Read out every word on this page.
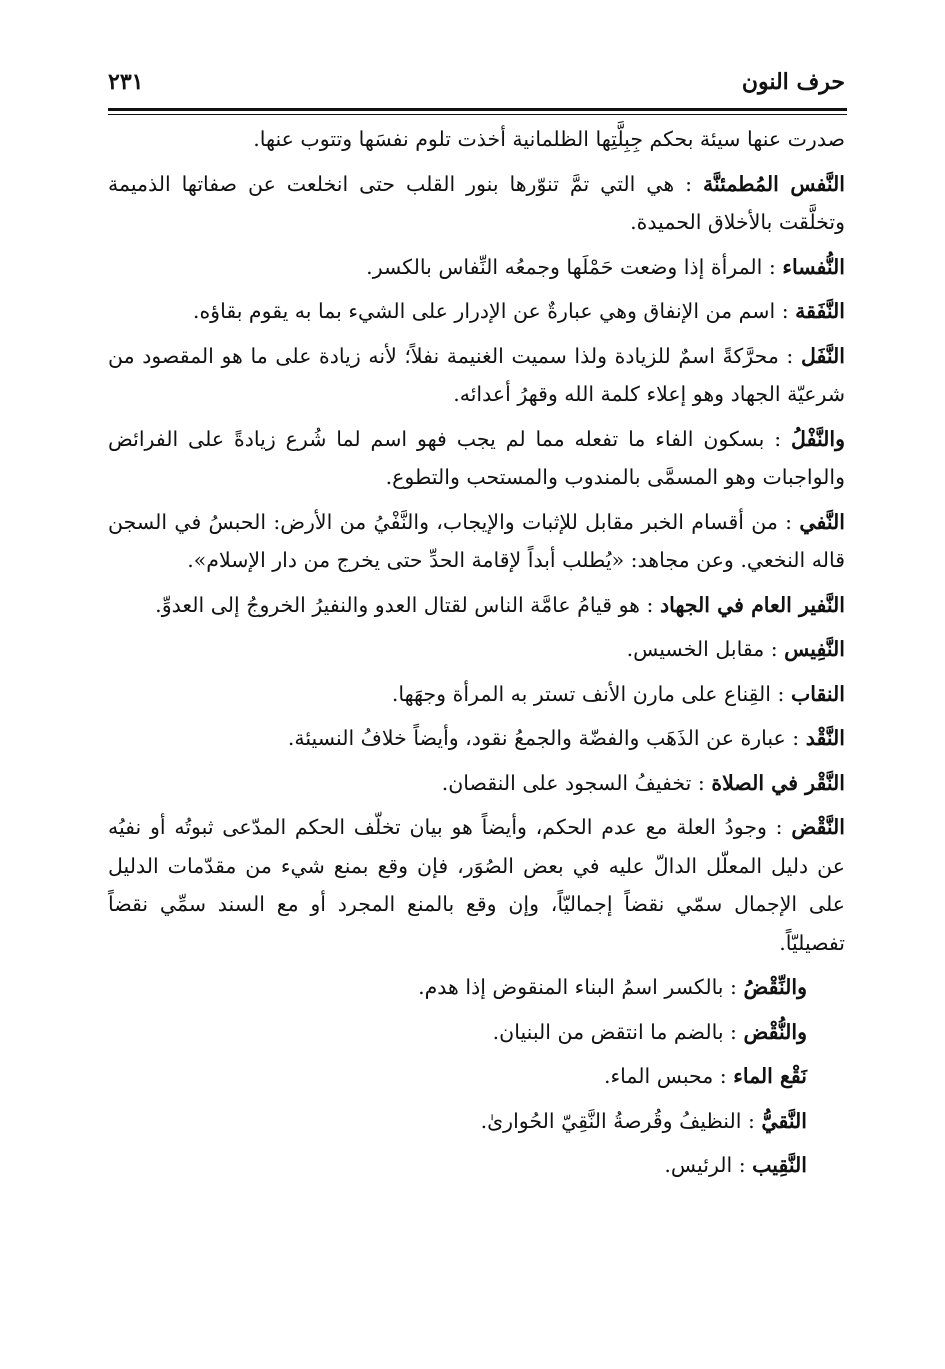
حرف النون
٢٣١

صدرت عنها سيئة بحكم جِبِلَّتِها الظلمانية أخذت تلوم نفسَها وتتوب عنها.

النَّفس المُطمئنَّة : هي التي تمَّ تنوّرها بنور القلب حتى انخلعت عن صفاتها الذميمة وتخلَّقت بالأخلاق الحميدة.

النُّفساء : المرأة إذا وضعت حَمْلَها وجمعُه النِّفاس بالكسر.

النَّفَقة : اسم من الإنفاق وهي عبارةٌ عن الإدرار على الشيء بما به يقوم بقاؤه.

النَّفَل : محرَّكةً اسمٌ للزيادة ولذا سميت الغنيمة نفلاً؛ لأنه زيادة على ما هو المقصود من شرعيّة الجهاد وهو إعلاء كلمة الله وقهرُ أعدائه.

والنَّفْلُ : بسكون الفاء ما تفعله مما لم يجب فهو اسم لما شُرع زيادةً على الفرائض والواجبات وهو المسمَّى بالمندوب والمستحب والتطوع.

النَّفي : من أقسام الخبر مقابل للإثبات والإيجاب، والنَّفْيُ من الأرض: الحبسُ في السجن قاله النخعي. وعن مجاهد: «يُطلب أبداً لإقامة الحدِّ حتى يخرج من دار الإسلام».

النَّفير العام في الجهاد : هو قيامُ عامَّة الناس لقتال العدو والنفيرُ الخروجُ إلى العدوِّ.

النَّفِيس : مقابل الخسيس.

النقاب : القِناع على مارن الأنف تستر به المرأة وجهَها.

النَّقْد : عبارة عن الذَهَب والفضّة والجمعُ نقود، وأيضاً خلافُ النسيئة.

النَّقْر في الصلاة : تخفيفُ السجود على النقصان.

النَّقْض : وجودُ العلة مع عدم الحكم، وأيضاً هو بيان تخلّف الحكم المدّعى ثبوتُه أو نفيُه عن دليل المعلّل الدالّ عليه في بعض الصُوَر، فإن وقع بمنع شيء من مقدّمات الدليل على الإجمال سمّي نقضاً إجماليّاً، وإن وقع بالمنع المجرد أو مع السند سمِّي نقضاً تفصيليّاً.

والنِّقْضُ : بالكسر اسمُ البناء المنقوض إذا هدم.

والنُّقْض : بالضم ما انتقض من البنيان.

نَقْع الماء : محبس الماء.

النَّقيُّ : النظيفُ وقُرصةُ النَّقِيّ الحُوارىٰ.

النَّقِيب : الرئيس.
